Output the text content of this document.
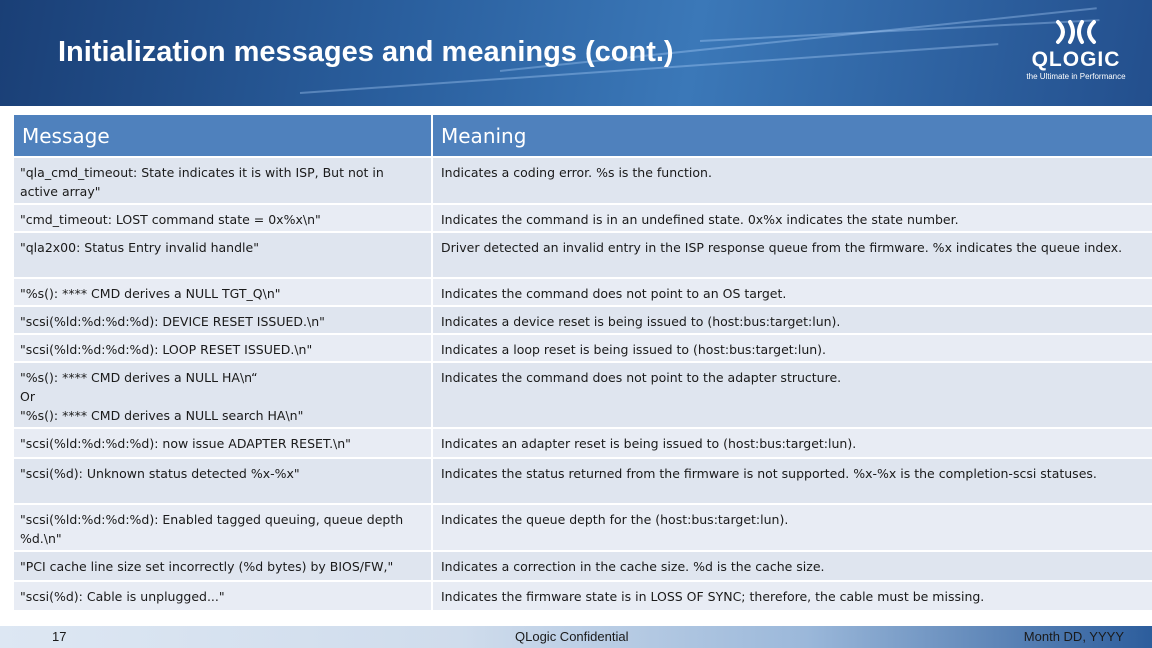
Initialization messages and meanings (cont.)	QLOGIC
the Ultimate in Performance
Message	Meaning
"qla_cmd_timeout: State indicates it is with ISP, But not in active array"	Indicates a coding error. %s is the function.
"cmd_timeout: LOST command state = 0x%x\n"	Indicates the command is in an undefined state. 0x%x indicates the state number.
"qla2x00: Status Entry invalid handle"	Driver detected an invalid entry in the ISP response queue from the firmware. %x indicates the queue index.
"%s(): **** CMD derives a NULL TGT_Q\n"	Indicates the command does not point to an OS target.
"scsi(%ld:%d:%d:%d): DEVICE RESET ISSUED.\n"	Indicates a device reset is being issued to (host:bus:target:lun).
"scsi(%ld:%d:%d:%d): LOOP RESET ISSUED.\n"	Indicates a loop reset is being issued to (host:bus:target:lun).
"%s(): **** CMD derives a NULL HA\n“
Or
"%s(): **** CMD derives a NULL search HA\n"	Indicates the command does not point to the adapter structure.
"scsi(%ld:%d:%d:%d): now issue ADAPTER RESET.\n"	Indicates an adapter reset is being issued to (host:bus:target:lun).
"scsi(%d): Unknown status detected %x-%x"	Indicates the status returned from the firmware is not supported. %x-%x is the completion-scsi statuses.
"scsi(%ld:%d:%d:%d): Enabled tagged queuing, queue depth %d.\n"	Indicates the queue depth for the (host:bus:target:lun).
"PCI cache line size set incorrectly (%d bytes) by BIOS/FW,"	Indicates a correction in the cache size. %d is the cache size.
"scsi(%d): Cable is unplugged..."	Indicates the firmware state is in LOSS OF SYNC; therefore, the cable must be missing.
17	QLogic Confidential	Month DD, YYYY
